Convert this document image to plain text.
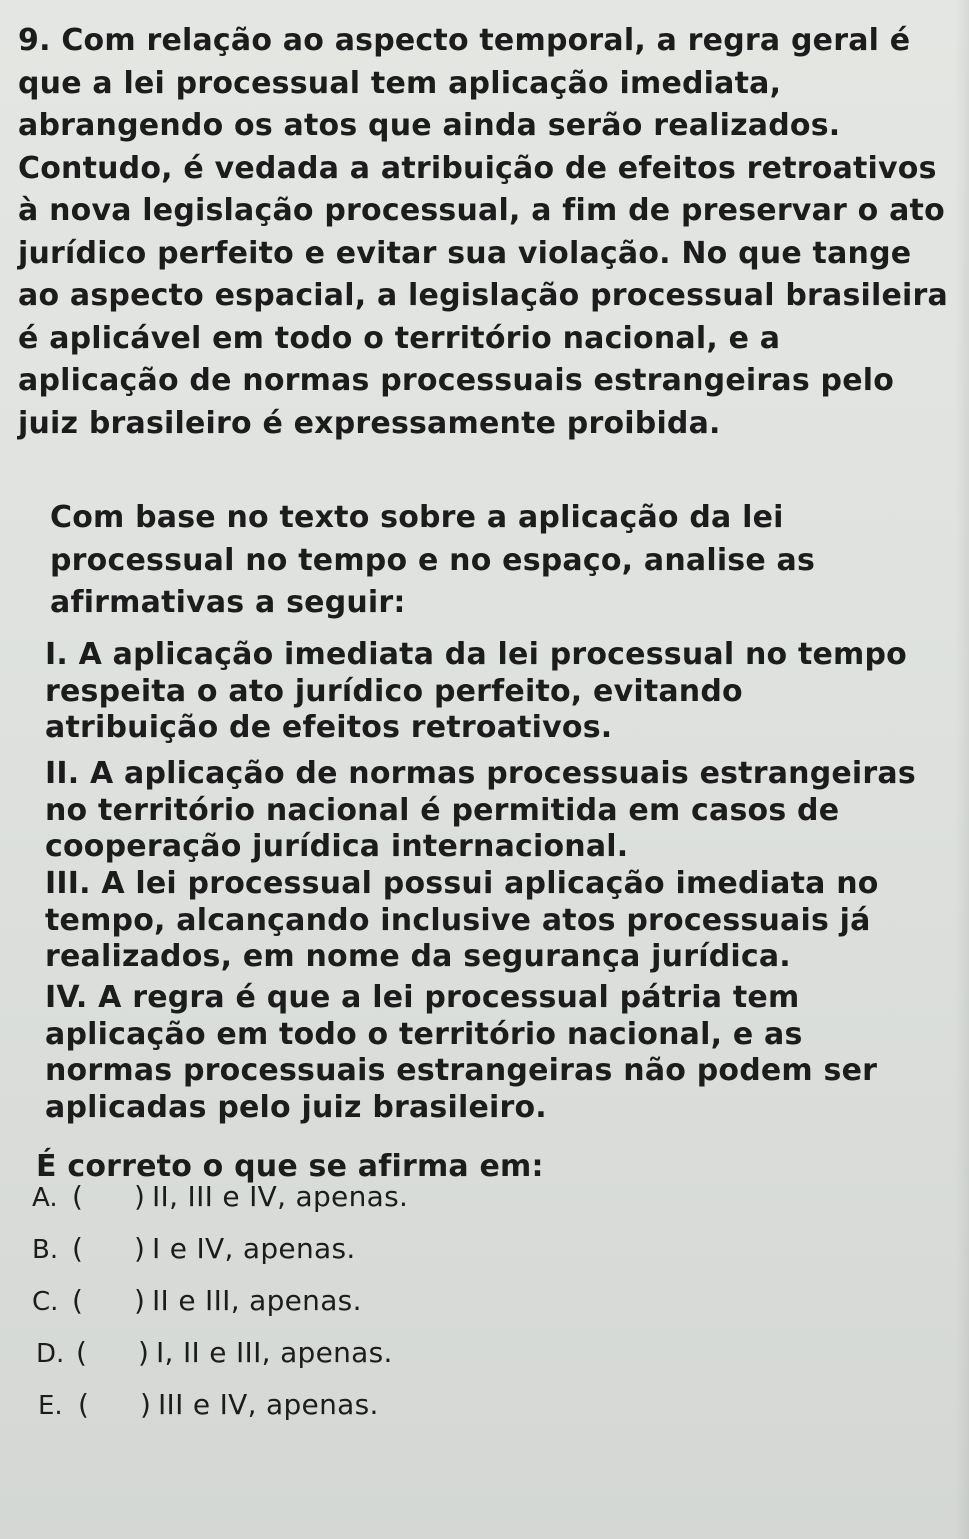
9. Com relação ao aspecto temporal, a regra geral é que a lei processual tem aplicação imediata, abrangendo os atos que ainda serão realizados. Contudo, é vedada a atribuição de efeitos retroativos à nova legislação processual, a fim de preservar o ato jurídico perfeito e evitar sua violação. No que tange ao aspecto espacial, a legislação processual brasileira é aplicável em todo o território nacional, e a aplicação de normas processuais estrangeiras pelo juiz brasileiro é expressamente proibida.

Com base no texto sobre a aplicação da lei processual no tempo e no espaço, analise as afirmativas a seguir:

I. A aplicação imediata da lei processual no tempo respeita o ato jurídico perfeito, evitando atribuição de efeitos retroativos.

II. A aplicação de normas processuais estrangeiras no território nacional é permitida em casos de cooperação jurídica internacional.

III. A lei processual possui aplicação imediata no tempo, alcançando inclusive atos processuais já realizados, em nome da segurança jurídica.

IV. A regra é que a lei processual pátria tem aplicação em todo o território nacional, e as normas processuais estrangeiras não podem ser aplicadas pelo juiz brasileiro.

É correto o que se afirma em:

A. (	) II, III e IV, apenas.
B. (	) I e IV, apenas.
C. (	) II e III, apenas.
D. (	) I, II e III, apenas.
E. (	) III e IV, apenas.
